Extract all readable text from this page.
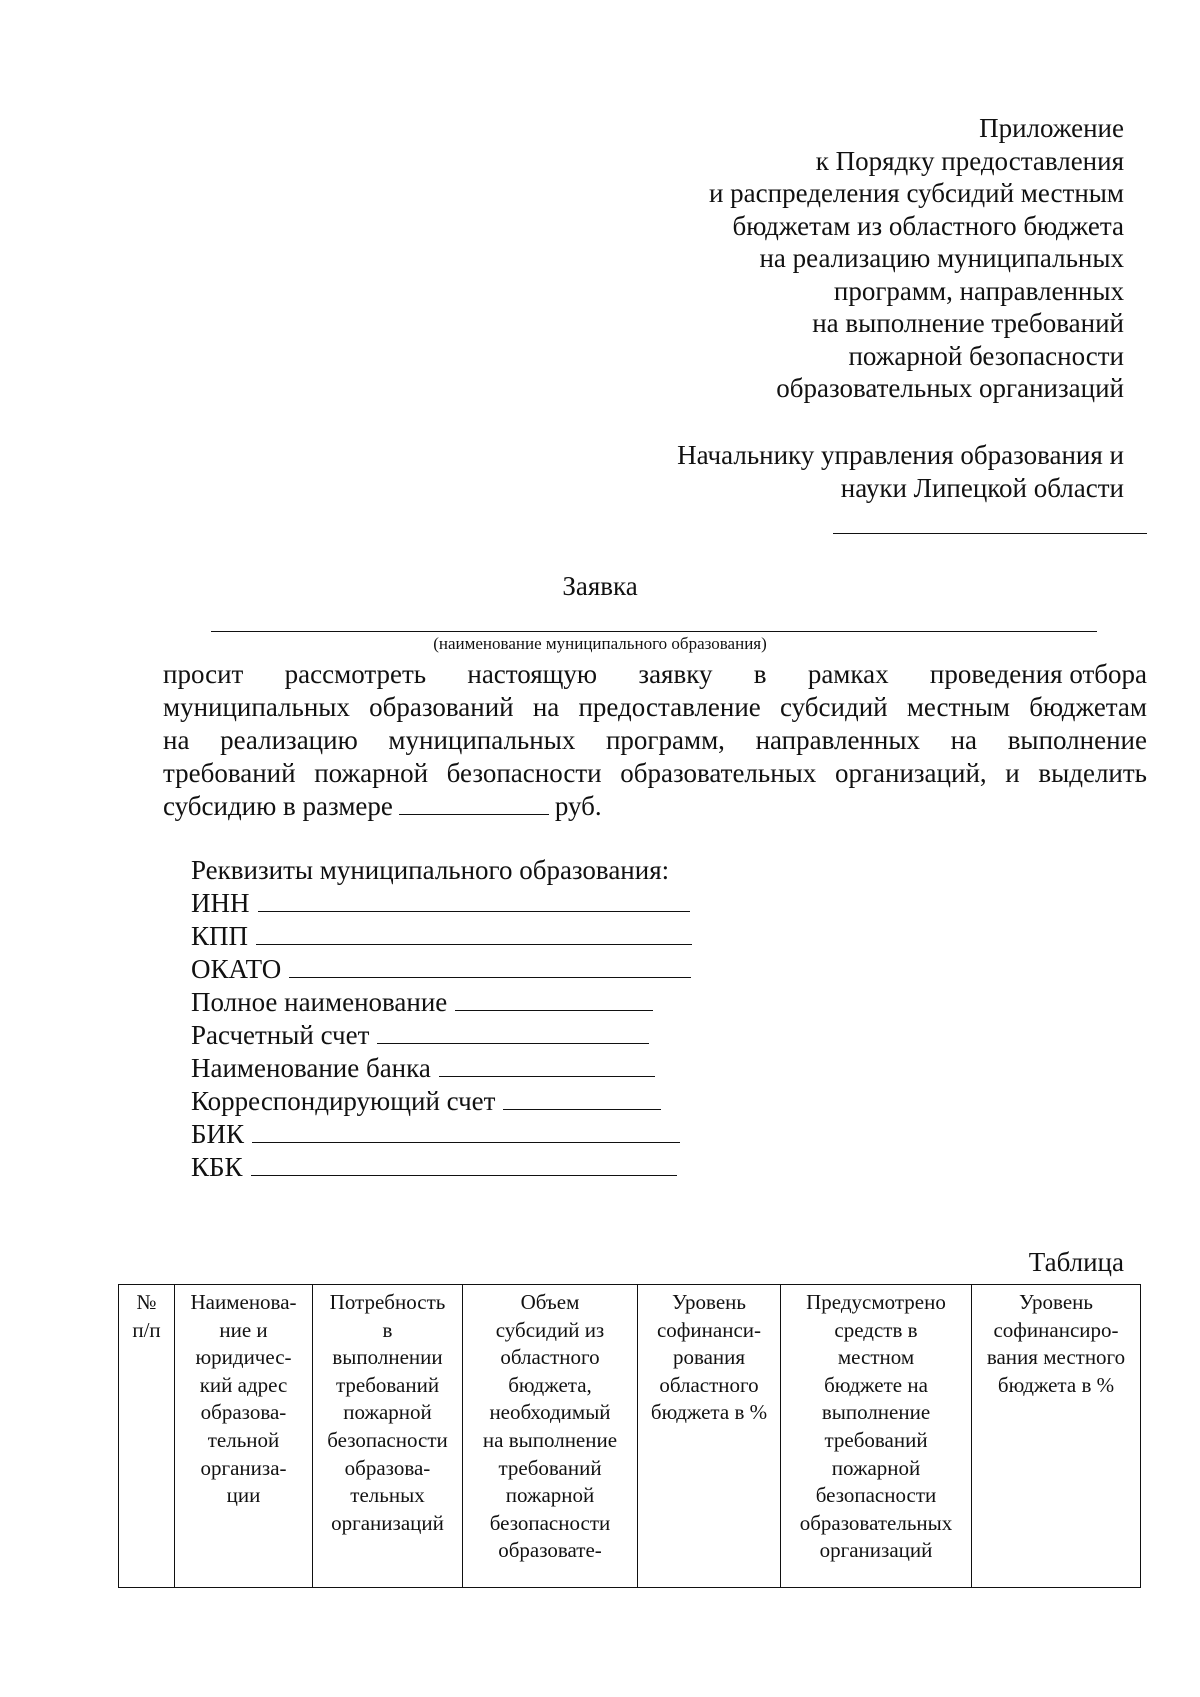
Приложение
к Порядку предоставления
и распределения субсидий местным
бюджетам из областного бюджета
на реализацию муниципальных
программ, направленных
на выполнение требований
пожарной безопасности
образовательных организаций
Начальнику управления образования и
науки Липецкой области
Заявка
(наименование муниципального образования)
просит рассмотреть настоящую заявку в рамках проведения отбора
муниципальных образований на предоставление субсидий местным бюджетам
на реализацию муниципальных программ, направленных на выполнение
требований пожарной безопасности образовательных организаций, и выделить
субсидию в размере	руб.
Реквизиты муниципального образования:
ИНН
КПП
ОКАТО
Полное наименование
Расчетный счет
Наименование банка
Корреспондирующий счет
БИК
КБК
Таблица
№
п/п

Наименова-
ние и
юридичес-
кий адрес
образова-
тельной
организа-
ции

Потребность
в
выполнении
требований
пожарной
безопасности
образова-
тельных
организаций

Объем
субсидий из
областного
бюджета,
необходимый
на выполнение
требований
пожарной
безопасности
образовате-

Уровень
софинанси-
рования
областного
бюджета в %

Предусмотрено
средств в
местном
бюджете на
выполнение
требований
пожарной
безопасности
образовательных
организаций

Уровень
софинансиро-
вания местного
бюджета в %
